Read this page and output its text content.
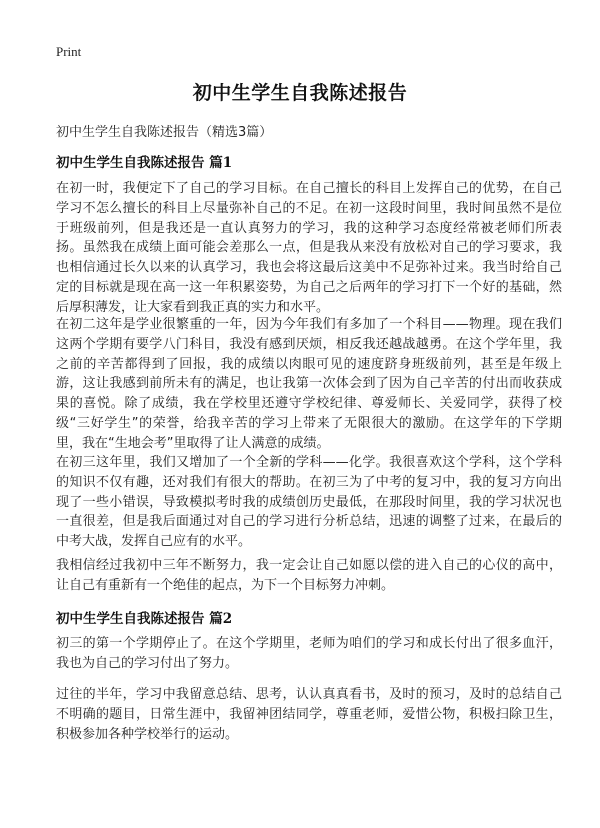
Print
初中生学生自我陈述报告
初中生学生自我陈述报告（精选3篇）
初中生学生自我陈述报告 篇1

在初一时，我便定下了自己的学习目标。在自己擅长的科目上发挥自己的优势，在自己学习不怎么擅长的科目上尽量弥补自己的不足。在初一这段时间里，我时间虽然不是位于班级前列，但是我还是一直认真努力的学习，我的这种学习态度经常被老师们所表扬。虽然我在成绩上面可能会差那么一点，但是我从来没有放松对自己的学习要求，我也相信通过长久以来的认真学习，我也会将这最后这美中不足弥补过来。我当时给自己定的目标就是现在高一这一年积累姿势，为自己之后两年的学习打下一个好的基础，然后厚积薄发，让大家看到我正真的实力和水平。

在初二这年是学业很繁重的一年，因为今年我们有多加了一个科目——物理。现在我们这两个学期有要学八门科目，我没有感到厌烦，相反我还越战越勇。在这个学年里，我之前的辛苦都得到了回报，我的成绩以肉眼可见的速度跻身班级前列，甚至是年级上游，这让我感到前所未有的满足，也让我第一次体会到了因为自己辛苦的付出而收获成果的喜悦。除了成绩，我在学校里还遵守学校纪律、尊爱师长、关爱同学，获得了校级“三好学生”的荣誉，给我辛苦的学习上带来了无限很大的激励。在这学年的下学期里，我在“生地会考”里取得了让人满意的成绩。

在初三这年里，我们又增加了一个全新的学科——化学。我很喜欢这个学科，这个学科的知识不仅有趣，还对我们有很大的帮助。在初三为了中考的复习中，我的复习方向出现了一些小错误，导致模拟考时我的成绩创历史最低，在那段时间里，我的学习状况也一直很差，但是我后面通过对自己的学习进行分析总结，迅速的调整了过来，在最后的中考大战，发挥自己应有的水平。

我相信经过我初中三年不断努力，我一定会让自己如愿以偿的进入自己的心仪的高中，让自己有重新有一个绝佳的起点，为下一个目标努力冲刺。

初中生学生自我陈述报告 篇2

初三的第一个学期停止了。在这个学期里，老师为咱们的学习和成长付出了很多血汗，我也为自己的学习付出了努力。

过往的半年，学习中我留意总结、思考，认认真真看书，及时的预习，及时的总结自己不明确的题目，日常生涯中，我留神团结同学，尊重老师，爱惜公物，积极扫除卫生，积极参加各种学校举行的运动。
